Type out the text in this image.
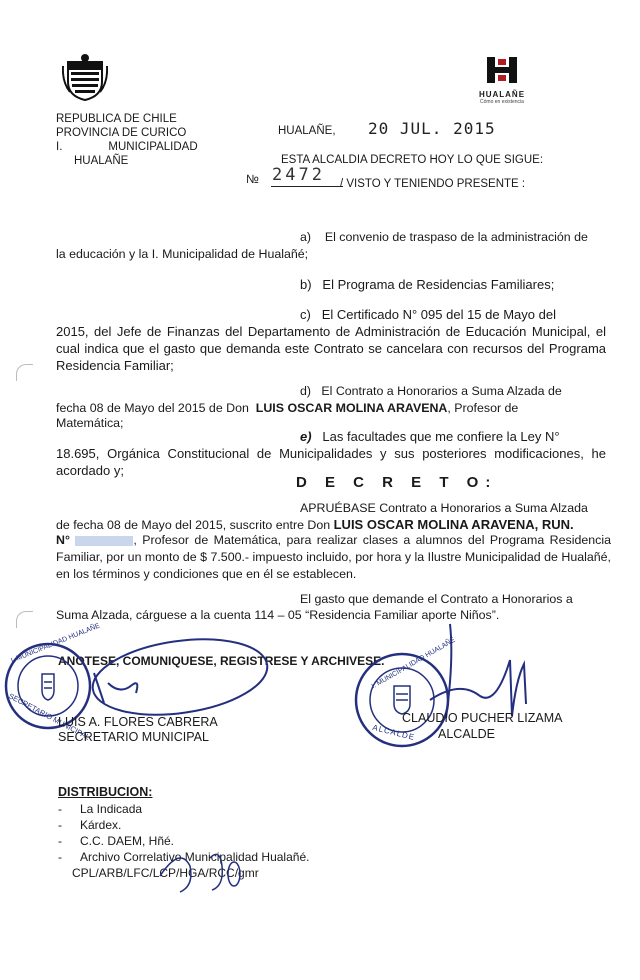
HUALAÑE
Cómo en existencia
REPUBLICA DE CHILE
PROVINCIA DE CURICO
I.	MUNICIPALIDAD
HUALAÑE
HUALAÑE, 20 JUL. 2015
ESTA ALCALDIA DECRETO HOY LO QUE SIGUE:
№ 2472 / VISTO Y TENIENDO PRESENTE :
a) El convenio de traspaso de la administración de
la educación y la I. Municipalidad de Hualañé;
b) El Programa de Residencias Familiares;
c) El Certificado N° 095 del 15 de Mayo del
2015, del Jefe de Finanzas del Departamento de Administración de Educación Municipal, el cual indica que el gasto que demanda este Contrato se cancelara con recursos del Programa Residencia Familiar;
d) El Contrato a Honorarios a Suma Alzada de
fecha 08 de Mayo del 2015 de Don LUIS OSCAR MOLINA ARAVENA, Profesor de
Matemática;
e) Las facultades que me confiere la Ley N°
18.695, Orgánica Constitucional de Municipalidades y sus posteriores modificaciones, he acordado y;
D E C R E T O:
APRUÉBASE Contrato a Honorarios a Suma Alzada
de fecha 08 de Mayo del 2015, suscrito entre Don LUIS OSCAR MOLINA ARAVENA, RUN.
N°	, Profesor de Matemática, para realizar clases a alumnos del Programa Residencia Familiar, por un monto de $ 7.500.- impuesto incluido, por hora y la Ilustre Municipalidad de Hualañé, en los términos y condiciones que en él se establecen.
El gasto que demande el Contrato a Honorarios a
Suma Alzada, cárguese a la cuenta 114 – 05 “Residencia Familiar aporte Niños”.
ANOTESE, COMUNIQUESE, REGISTRESE Y ARCHIVESE.
I. MUNICIPALIDAD HUALAÑE
SECRETARIO MUNICIPAL
LUIS A. FLORES CABRERA
SECRETARIO MUNICIPAL
I. MUNICIPALIDAD HUALAÑE
ALCALDE
CLAUDIO PUCHER LIZAMA
ALCALDE
DISTRIBUCION:
- La Indicada
- Kárdex.
- C.C. DAEM, Hñé.
- Archivo Correlativo Municipalidad Hualañé.
CPL/ARB/LFC/LCP/HGA/RCC/gmr
